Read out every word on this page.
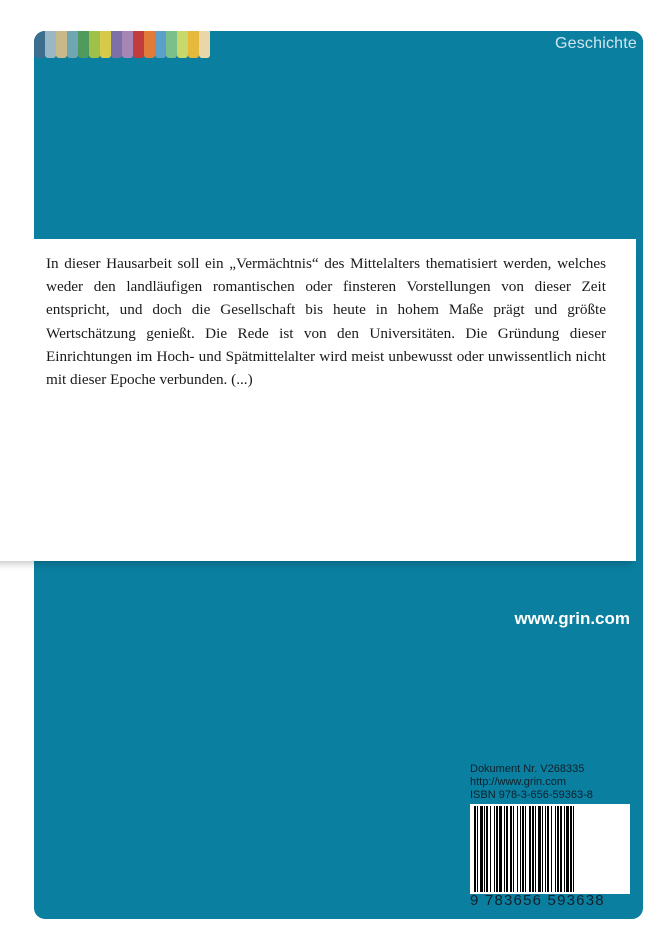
Geschichte
www.grin.com

Dokument Nr. V268335

http://www.grin.com

ISBN 978-3-656-59363-8

9 783656 593638

In dieser Hausarbeit soll ein „Vermächtnis“ des Mittelalters thematisiert werden, welches weder den landläufigen romantischen oder finsteren Vorstellungen von dieser Zeit entspricht, und doch die Gesellschaft bis heute in hohem Maße prägt und größte Wertschätzung genießt. Die Rede ist von den Universitäten. Die Gründung dieser Einrichtungen im Hoch- und Spätmittelalter wird meist unbewusst oder unwissentlich nicht mit dieser Epoche verbunden. (...)
